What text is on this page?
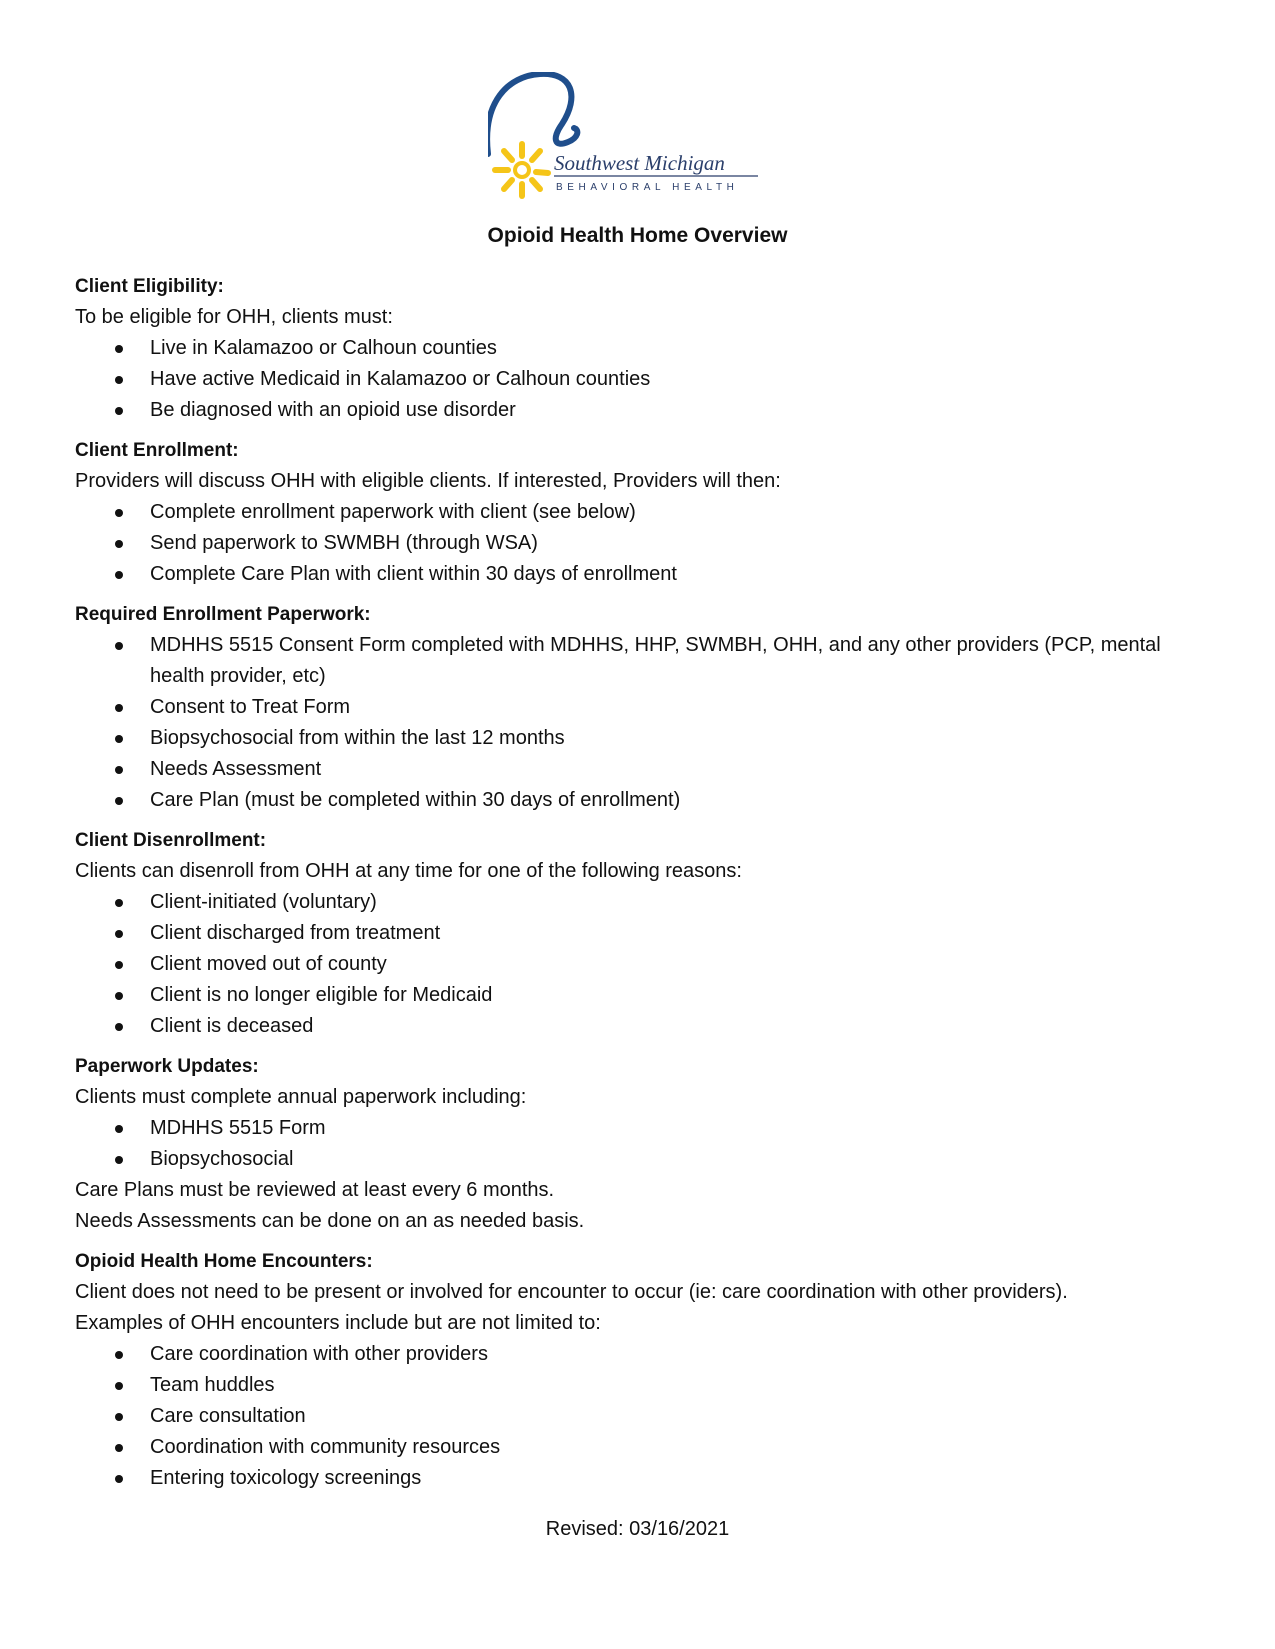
Southwest Michigan
BEHAVIORAL HEALTH
Opioid Health Home Overview

Client Eligibility:

To be eligible for OHH, clients must:

Live in Kalamazoo or Calhoun counties
Have active Medicaid in Kalamazoo or Calhoun counties
Be diagnosed with an opioid use disorder

Client Enrollment:

Providers will discuss OHH with eligible clients. If interested, Providers will then:

Complete enrollment paperwork with client (see below)
Send paperwork to SWMBH (through WSA)
Complete Care Plan with client within 30 days of enrollment

Required Enrollment Paperwork:

MDHHS 5515 Consent Form completed with MDHHS, HHP, SWMBH, OHH, and any other providers (PCP, mental health provider, etc)
Consent to Treat Form
Biopsychosocial from within the last 12 months
Needs Assessment
Care Plan (must be completed within 30 days of enrollment)

Client Disenrollment:

Clients can disenroll from OHH at any time for one of the following reasons:

Client-initiated (voluntary)
Client discharged from treatment
Client moved out of county
Client is no longer eligible for Medicaid
Client is deceased

Paperwork Updates:

Clients must complete annual paperwork including:

MDHHS 5515 Form
Biopsychosocial

Care Plans must be reviewed at least every 6 months.

Needs Assessments can be done on an as needed basis.

Opioid Health Home Encounters:

Client does not need to be present or involved for encounter to occur (ie: care coordination with other providers).

Examples of OHH encounters include but are not limited to:

Care coordination with other providers
Team huddles
Care consultation
Coordination with community resources
Entering toxicology screenings
Revised: 03/16/2021
